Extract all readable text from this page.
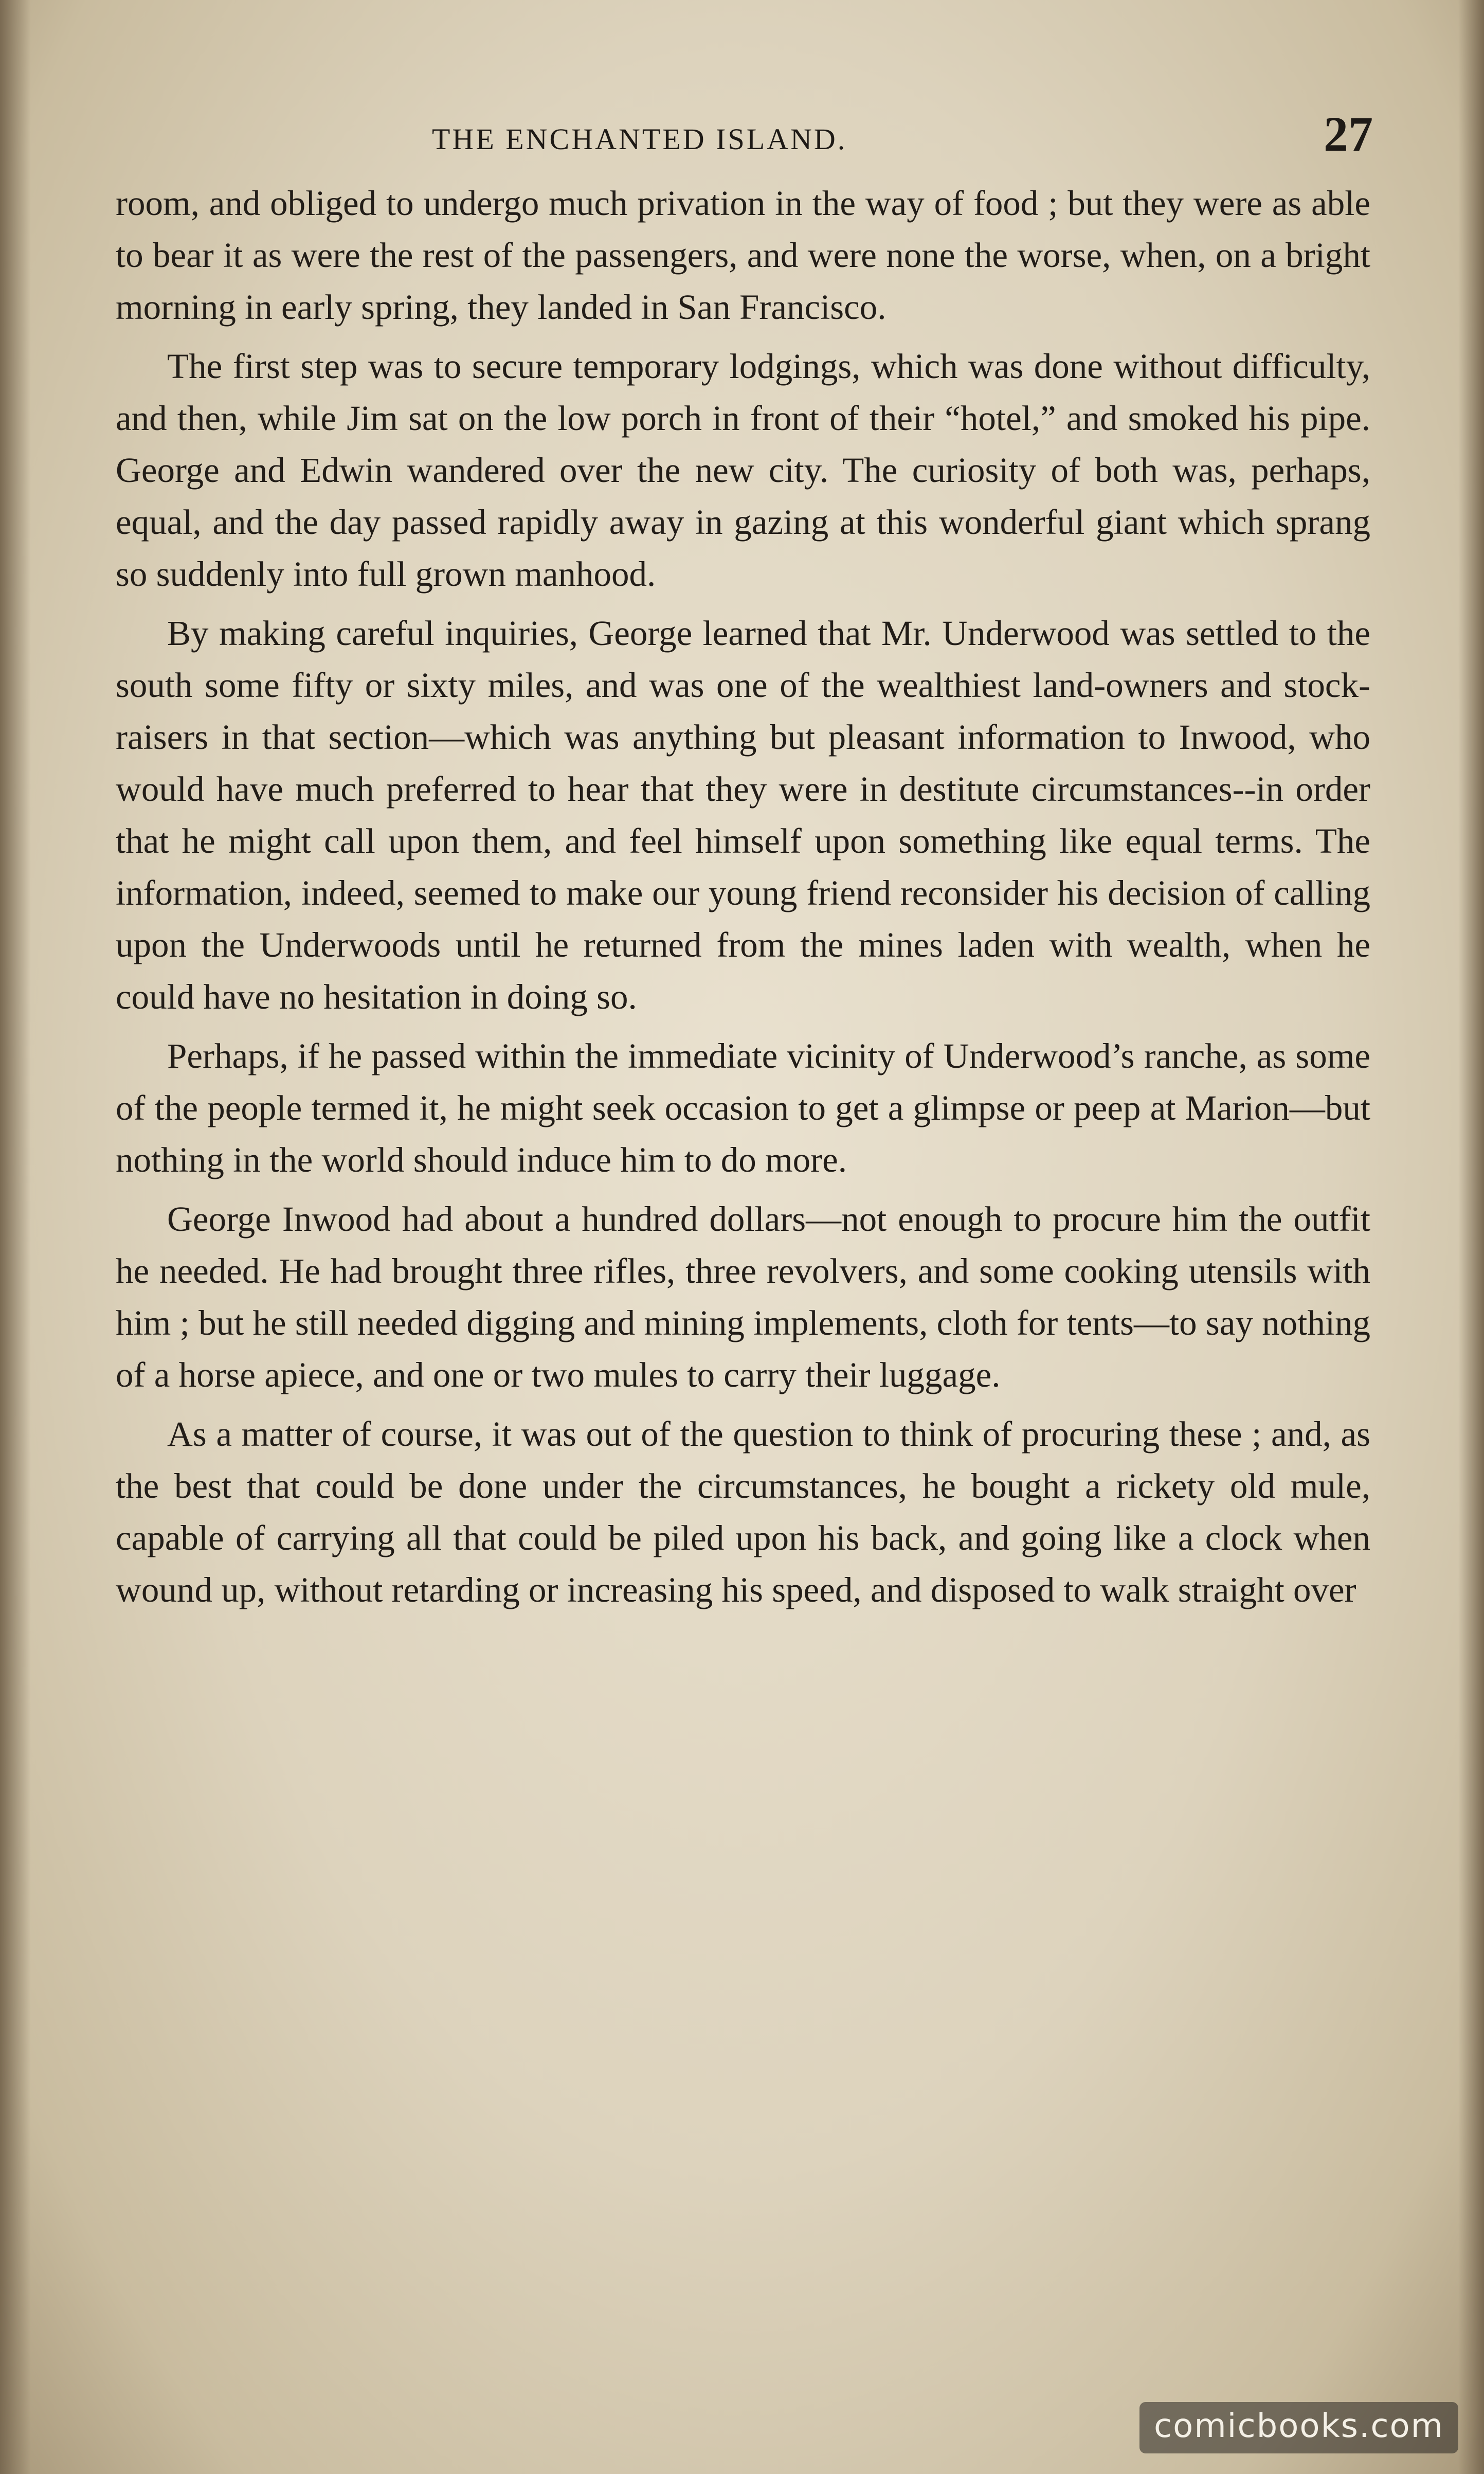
THE ENCHANTED ISLAND.	27

room, and obliged to undergo much privation in the way of food ; but they were as able to bear it as were the rest of the passengers, and were none the worse, when, on a bright morning in early spring, they landed in San Francisco.

The first step was to secure temporary lodgings, which was done without difficulty, and then, while Jim sat on the low porch in front of their “hotel,” and smoked his pipe. George and Edwin wandered over the new city. The curiosity of both was, perhaps, equal, and the day passed rapidly away in gazing at this wonderful giant which sprang so suddenly into full grown manhood.

By making careful inquiries, George learned that Mr. Underwood was settled to the south some fifty or sixty miles, and was one of the wealthiest land-owners and stock-raisers in that section—which was anything but pleasant information to Inwood, who would have much preferred to hear that they were in destitute circumstances--in order that he might call upon them, and feel himself upon something like equal terms. The information, indeed, seemed to make our young friend reconsider his decision of calling upon the Underwoods until he returned from the mines laden with wealth, when he could have no hesitation in doing so.

Perhaps, if he passed within the immediate vicinity of Underwood’s ranche, as some of the people termed it, he might seek occasion to get a glimpse or peep at Marion—but nothing in the world should induce him to do more.

George Inwood had about a hundred dollars—not enough to procure him the outfit he needed. He had brought three rifles, three revolvers, and some cooking utensils with him ; but he still needed digging and mining implements, cloth for tents—to say nothing of a horse apiece, and one or two mules to carry their luggage.

As a matter of course, it was out of the question to think of procuring these ; and, as the best that could be done under the circumstances, he bought a rickety old mule, capable of carrying all that could be piled upon his back, and going like a clock when wound up, without retarding or increasing his speed, and disposed to walk straight over

comicbooks.com
